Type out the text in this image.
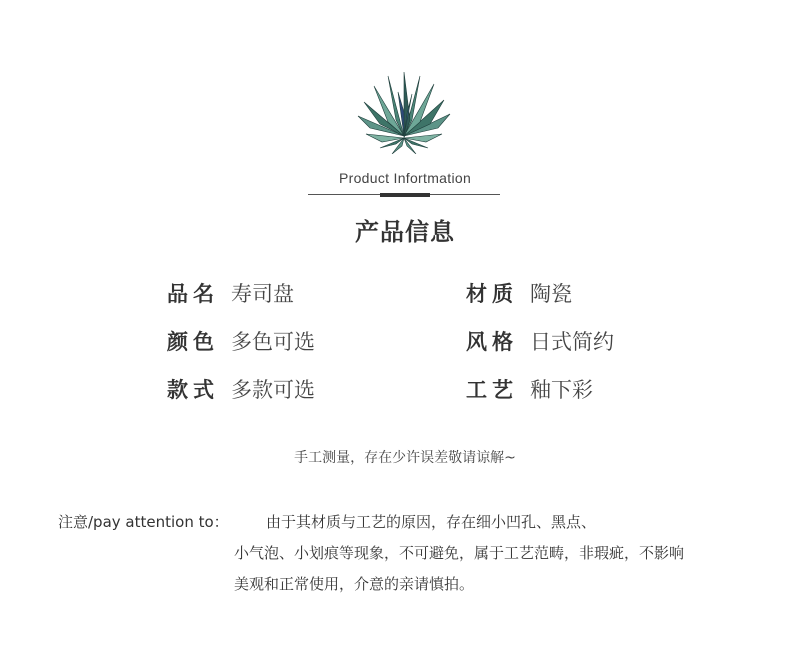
Product Infortmation
产品信息
品名 寿司盘	材质 陶瓷
颜色 多色可选	风格 日式简约
款式 多款可选	工艺 釉下彩
手工测量，存在少许误差敬请谅解~
注意/pay attention to： 由于其材质与工艺的原因，存在细小凹孔、黑点、
小气泡、小划痕等现象，不可避免，属于工艺范畴，非瑕疵，不影响
美观和正常使用，介意的亲请慎拍。
